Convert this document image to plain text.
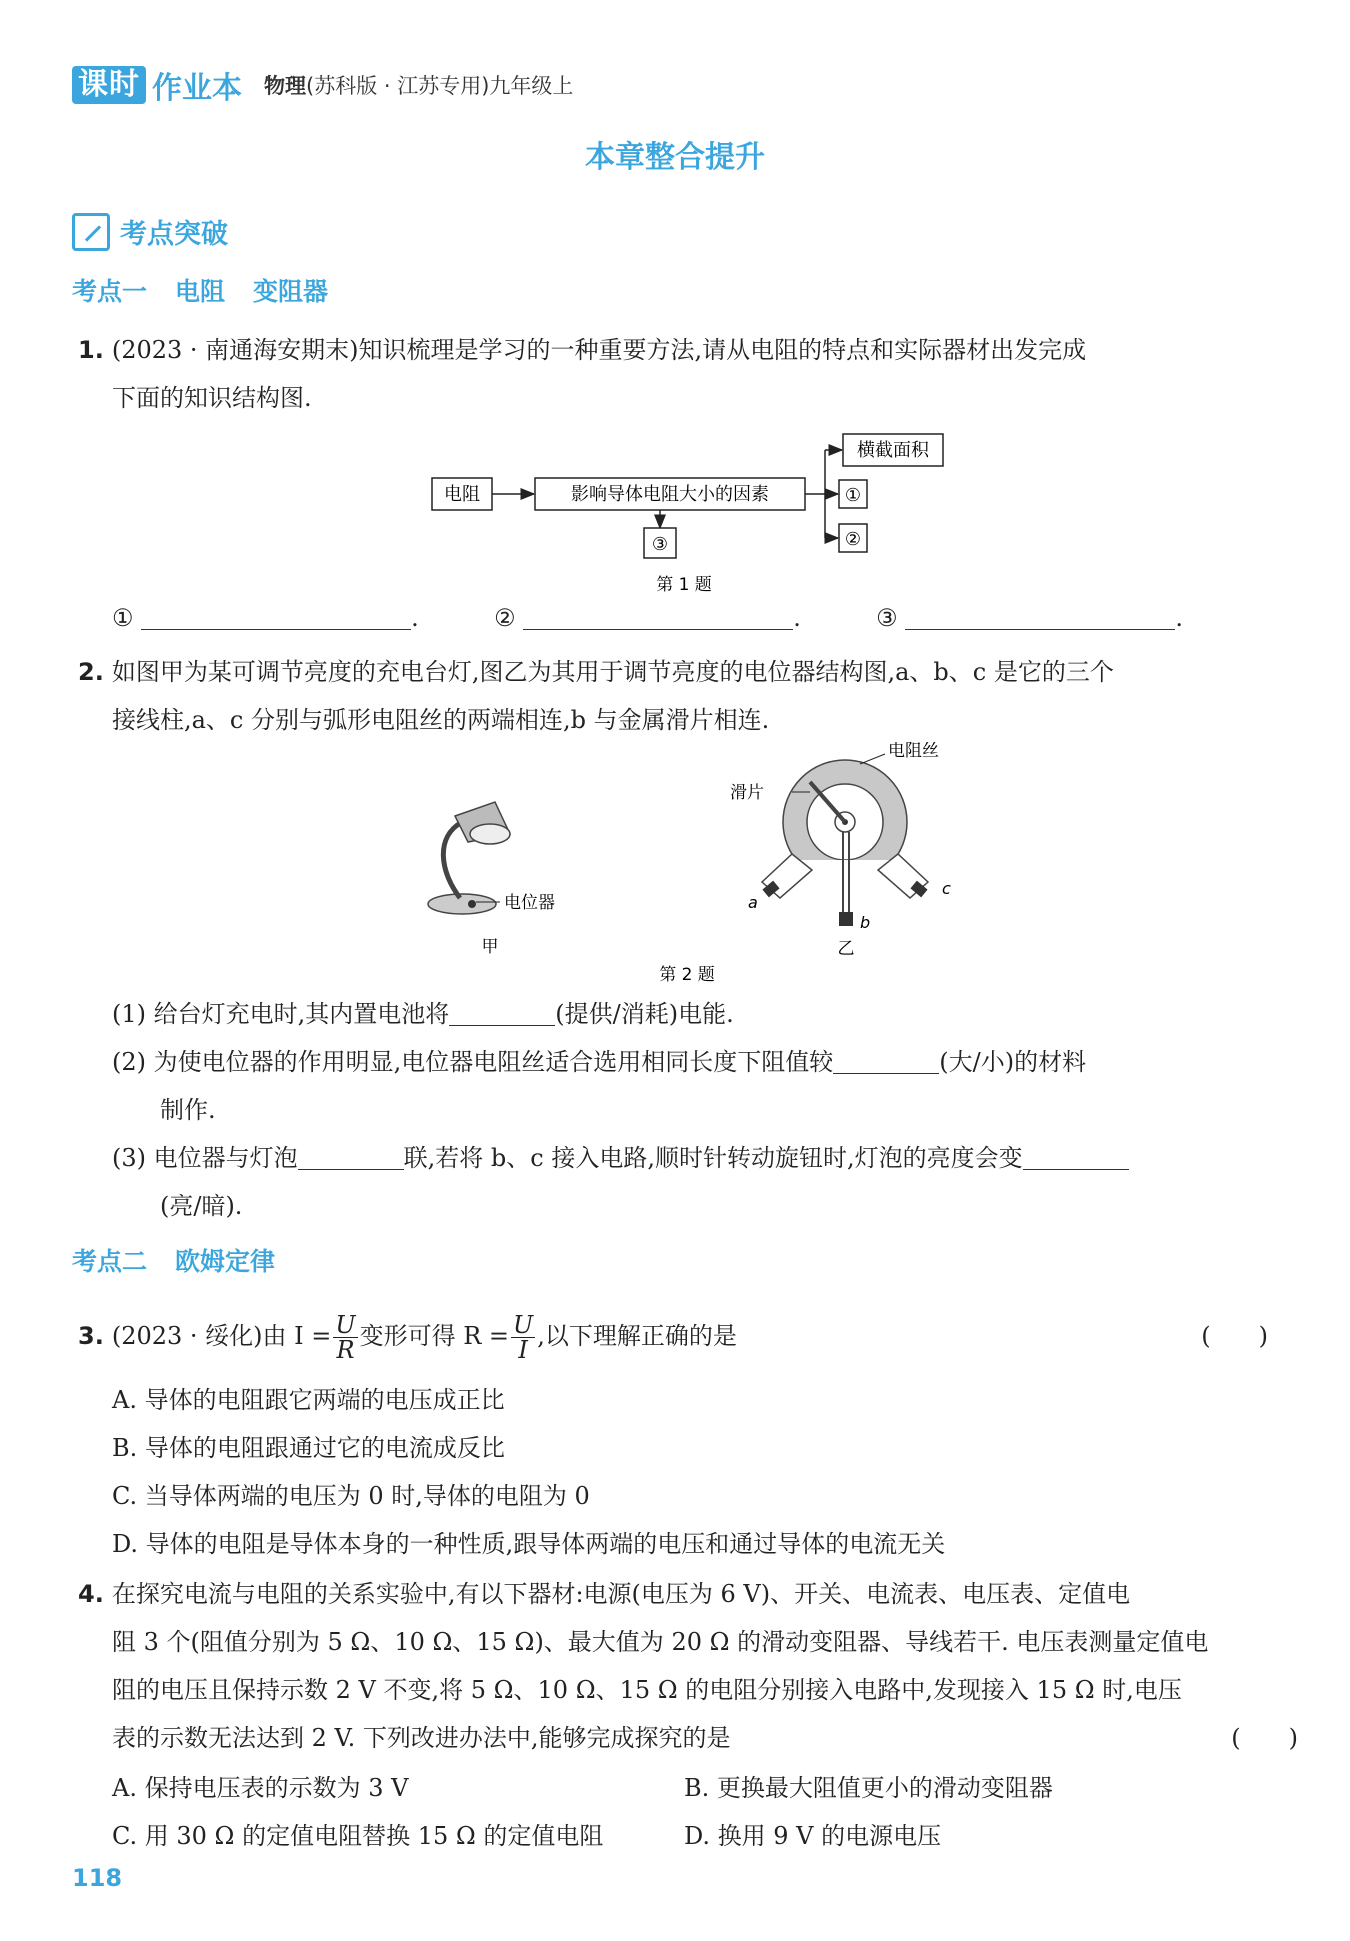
课时 作业本 物理(苏科版 · 江苏专用)九年级上
本章整合提升
考点突破
考点一 电阻 变阻器
1. (2023 · 南通海安期末)知识梳理是学习的一种重要方法,请从电阻的特点和实际器材出发完成
下面的知识结构图.
电阻	影响导体电阻大小的因素
横截面积
①
②
③
第 1 题
①	.	②	.	③	.
2. 如图甲为某可调节亮度的充电台灯,图乙为其用于调节亮度的电位器结构图,a、b、c 是它的三个
接线柱,a、c 分别与弧形电阻丝的两端相连,b 与金属滑片相连.
电位器
甲
电阻丝
滑片
a
b
c
乙
第 2 题
(1) 给台灯充电时,其内置电池将	(提供/消耗)电能.
(2) 为使电位器的作用明显,电位器电阻丝适合选用相同长度下阻值较	(大/小)的材料
制作.
(3) 电位器与灯泡	联,若将 b、c 接入电路,顺时针转动旋钮时,灯泡的亮度会变
(亮/暗).
考点二 欧姆定律
3. (2023 · 绥化)由 $I = \frac{U}{R}$ 变形可得 $R = \frac{U}{I}$ ,以下理解正确的是	(　　)
A. 导体的电阻跟它两端的电压成正比
B. 导体的电阻跟通过它的电流成反比
C. 当导体两端的电压为 0 时,导体的电阻为 0
D. 导体的电阻是导体本身的一种性质,跟导体两端的电压和通过导体的电流无关
4. 在探究电流与电阻的关系实验中,有以下器材:电源(电压为 6 V)、开关、电流表、电压表、定值电
阻 3 个(阻值分别为 5 Ω、10 Ω、15 Ω)、最大值为 20 Ω 的滑动变阻器、导线若干. 电压表测量定值电
阻的电压且保持示数 2 V 不变,将 5 Ω、10 Ω、15 Ω 的电阻分别接入电路中,发现接入 15 Ω 时,电压
表的示数无法达到 2 V. 下列改进办法中,能够完成探究的是	(　　)
A. 保持电压表的示数为 3 V	B. 更换最大阻值更小的滑动变阻器
C. 用 30 Ω 的定值电阻替换 15 Ω 的定值电阻	D. 换用 9 V 的电源电压
118
